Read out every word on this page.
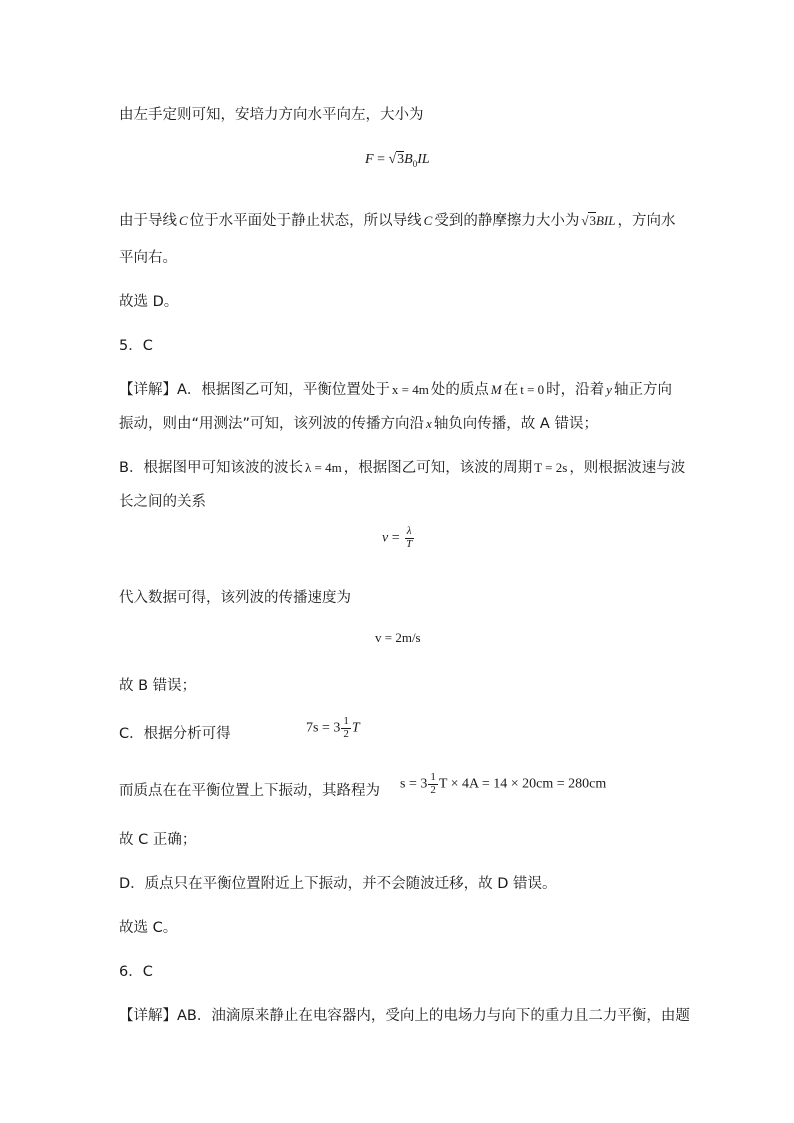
由左手定则可知，安培力方向水平向左，大小为
$F = √3B_0IL$
由于导线 C 位于水平面处于静止状态，所以导线 C 受到的静摩擦力大小为 √3BIL ，方向水
平向右。
故选 D。
5．C
【详解】A．根据图乙可知，平衡位置处于 x = 4m 处的质点 M 在 t = 0 时，沿着 y 轴正方向
振动，则由“用测法”可知，该列波的传播方向沿 x 轴负向传播，故 A 错误；
B．根据图甲可知该波的波长 λ = 4m ，根据图乙可知，该波的周期 T = 2s ，则根据波速与波
长之间的关系
$v = \frac{\lambda}{T}$
代入数据可得，该列波的传播速度为
v = 2m/s
故 B 错误；
C．根据分析可得	$7s = 3 \frac{1}{2}$ T
而质点在在平衡位置上下振动，其路程为 $s = 3 \frac{1}{2}$ T × 4A = 14 × 20cm = 280cm
故 C 正确；
D．质点只在平衡位置附近上下振动，并不会随波迁移，故 D 错误。
故选 C。
6．C
【详解】AB．油滴原来静止在电容器内，受向上的电场力与向下的重力且二力平衡，由题
